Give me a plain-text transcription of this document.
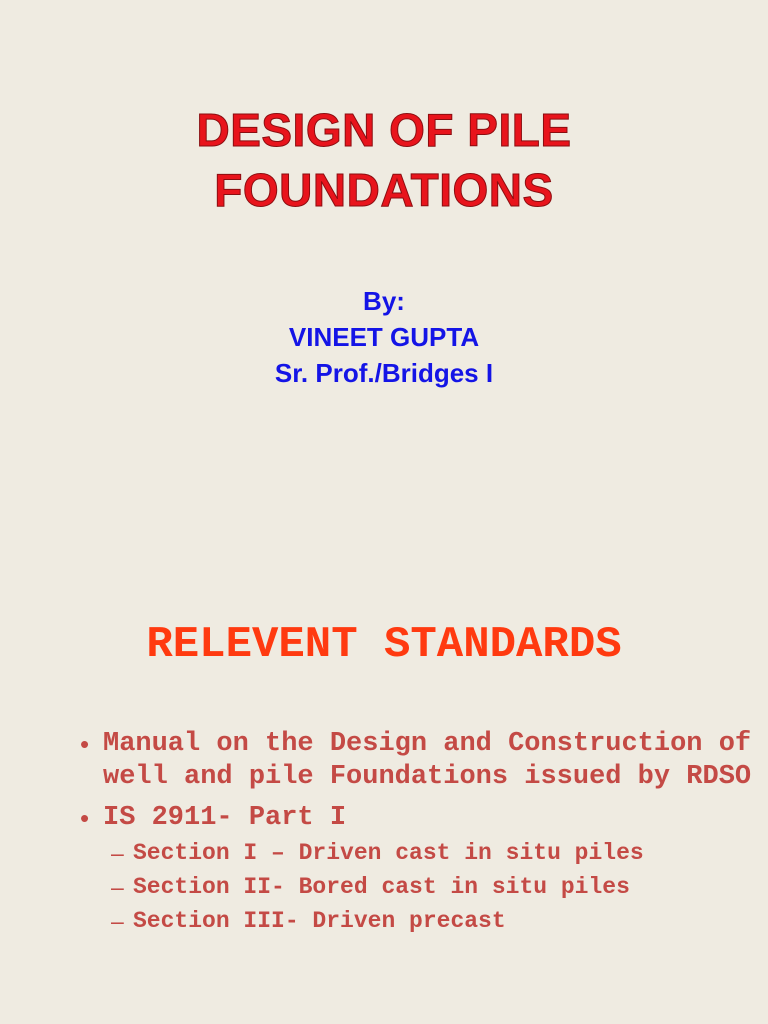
DESIGN OF PILE
FOUNDATIONS
By:
VINEET GUPTA
Sr. Prof./Bridges I
RELEVENT STANDARDS
• Manual on the Design and Construction of well and pile Foundations issued by RDSO
• IS 2911- Part I
– Section I – Driven cast in situ piles
– Section II- Bored cast in situ piles
– Section III- Driven precast
